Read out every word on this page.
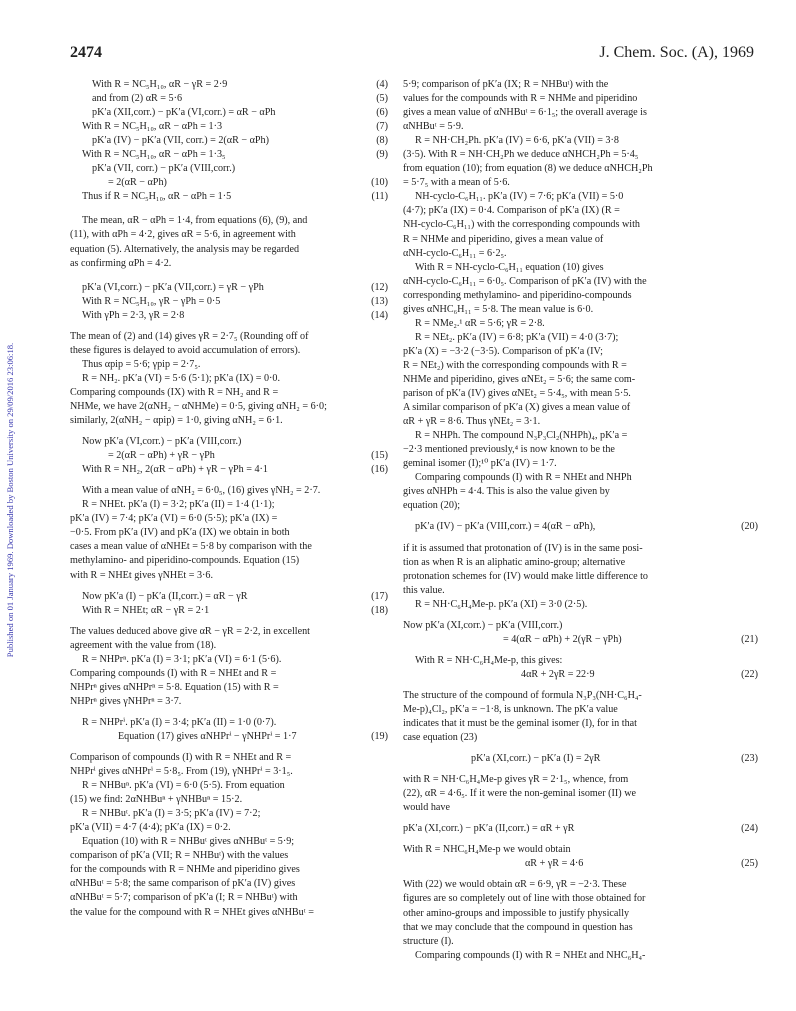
Published on 01 January 1969. Downloaded by Boston University on 29/09/2016 23:06:18.
2474	J. Chem. Soc. (A), 1969
With R = NC₅H₁₀, αR − γR = 2·9	(4)
and from (2) αR = 5·6	(5)
pK′a (XII,corr.) − pK′a (VI,corr.) = αR − αPh	(6)
With R = NC₅H₁₀, αR − αPh = 1·3	(7)
pK′a (IV) − pK′a (VII, corr.) = 2(αR − αPh)	(8)
With R = NC₅H₁₀, αR − αPh = 1·3₅	(9)
pK′a (VII, corr.) − pK′a (VIII,corr.)
= 2(αR − αPh)	(10)
Thus if R = NC₅H₁₀, αR − αPh = 1·5	(11)
The mean, αR − αPh = 1·4, from equations (6), (9), and
(11), with αPh = 4·2, gives αR = 5·6, in agreement with
equation (5). Alternatively, the analysis may be regarded
as confirming αPh = 4·2.
pK′a (VI,corr.) − pK′a (VII,corr.) = γR − γPh	(12)
With R = NC₅H₁₀, γR − γPh = 0·5	(13)
With γPh = 2·3, γR = 2·8	(14)
The mean of (2) and (14) gives γR = 2·7₅ (Rounding off of
these figures is delayed to avoid accumulation of errors).
Thus αpip = 5·6; γpip = 2·7₅.
R = NH₂. pK′a (VI) = 5·6 (5·1); pK′a (IX) = 0·0.
Comparing compounds (IX) with R = NH₂ and R =
NHMe, we have 2(αNH₂ − αNHMe) = 0·5, giving αNH₂ = 6·0;
similarly, 2(αNH₂ − αpip) = 1·0, giving αNH₂ = 6·1.
Now pK′a (VI,corr.) − pK′a (VIII,corr.)
= 2(αR − αPh) + γR − γPh	(15)
With R = NH₂, 2(αR − αPh) + γR − γPh = 4·1	(16)
With a mean value of αNH₂ = 6·0₅, (16) gives γNH₂ = 2·7.
R = NHEt. pK′a (I) = 3·2; pK′a (II) = 1·4 (1·1);
pK′a (IV) = 7·4; pK′a (VI) = 6·0 (5·5); pK′a (IX) =
−0·5. From pK′a (IV) and pK′a (IX) we obtain in both
cases a mean value of αNHEt = 5·8 by comparison with the
methylamino- and piperidino-compounds. Equation (15)
with R = NHEt gives γNHEt = 3·6.
Now pK′a (I) − pK′a (II,corr.) = αR − γR	(17)
With R = NHEt; αR − γR = 2·1	(18)
The values deduced above give αR − γR = 2·2, in excellent
agreement with the value from (18).
R = NHPrⁿ. pK′a (I) = 3·1; pK′a (VI) = 6·1 (5·6).
Comparing compounds (I) with R = NHEt and R =
NHPrⁿ gives αNHPrⁿ = 5·8. Equation (15) with R =
NHPrⁿ gives γNHPrⁿ = 3·7.
R = NHPrⁱ. pK′a (I) = 3·4; pK′a (II) = 1·0 (0·7).
Equation (17) gives αNHPrⁱ − γNHPrⁱ = 1·7	(19)
Comparison of compounds (I) with R = NHEt and R =
NHPrⁱ gives αNHPrⁱ = 5·8₅. From (19), γNHPrⁱ = 3·1₅.
R = NHBuⁿ. pK′a (VI) = 6·0 (5·5). From equation
(15) we find: 2αNHBuⁿ + γNHBuⁿ = 15·2.
R = NHBuᵗ. pK′a (I) = 3·5; pK′a (IV) = 7·2;
pK′a (VII) = 4·7 (4·4); pK′a (IX) = 0·2.
Equation (10) with R = NHBuᵗ gives αNHBuᵗ = 5·9;
comparison of pK′a (VII; R = NHBuᵗ) with the values
for the compounds with R = NHMe and piperidino gives
αNHBuᵗ = 5·8; the same comparison of pK′a (IV) gives
αNHBuᵗ = 5·7; comparison of pK′a (I; R = NHBuᵗ) with
the value for the compound with R = NHEt gives αNHBuᵗ =
5·9; comparison of pK′a (IX; R = NHBuᵗ) with the
values for the compounds with R = NHMe and piperidino
gives a mean value of αNHBuᵗ = 6·1₅; the overall average is
αNHBuᵗ = 5·9.
R = NH·CH₂Ph. pK′a (IV) = 6·6, pK′a (VII) = 3·8
(3·5). With R = NH·CH₂Ph we deduce αNHCH₂Ph = 5·4₅
from equation (10); from equation (8) we deduce αNHCH₂Ph
= 5·7₅ with a mean of 5·6.
NH-cyclo-C₆H₁₁. pK′a (IV) = 7·6; pK′a (VII) = 5·0
(4·7); pK′a (IX) = 0·4. Comparison of pK′a (IX) (R =
NH-cyclo-C₆H₁₁) with the corresponding compounds with
R = NHMe and piperidino, gives a mean value of
αNH-cyclo-C₆H₁₁ = 6·2₅.
With R = NH-cyclo-C₆H₁₁ equation (10) gives
αNH-cyclo-C₆H₁₁ = 6·0₅. Comparison of pK′a (IV) with the
corresponding methylamino- and piperidino-compounds
gives αNHC₆H₁₁ = 5·8. The mean value is 6·0.
R = NMe₂.¹ αR = 5·6; γR = 2·8.
R = NEt₂. pK′a (IV) = 6·8; pK′a (VII) = 4·0 (3·7);
pK′a (X) = −3·2 (−3·5). Comparison of pK′a (IV;
R = NEt₂) with the corresponding compounds with R =
NHMe and piperidino, gives αNEt₂ = 5·6; the same com-
parison of pK′a (IV) gives αNEt₂ = 5·4₅, with mean 5·5.
A similar comparison of pK′a (X) gives a mean value of
αR + γR = 8·6. Thus γNEt₂ = 3·1.
R = NHPh. The compound N₃P₃Cl₂(NHPh)₄, pK′a =
−2·3 mentioned previously,⁴ is now known to be the
geminal isomer (I);¹⁰ pK′a (IV) = 1·7.
Comparing compounds (I) with R = NHEt and NHPh
gives αNHPh = 4·4. This is also the value given by
equation (20);
pK′a (IV) − pK′a (VIII,corr.) = 4(αR − αPh),	(20)
if it is assumed that protonation of (IV) is in the same posi-
tion as when R is an aliphatic amino-group; alternative
protonation schemes for (IV) would make little difference to
this value.
R = NH·C₆H₄Me-p. pK′a (XI) = 3·0 (2·5).
Now pK′a (XI,corr.) − pK′a (VIII,corr.)
= 4(αR − αPh) + 2(γR − γPh)	(21)
With R = NH·C₆H₄Me-p, this gives:
4αR + 2γR = 22·9	(22)
The structure of the compound of formula N₃P₃(NH·C₆H₄-
Me-p)₄Cl₂, pK′a = −1·8, is unknown. The pK′a value
indicates that it must be the geminal isomer (I), for in that
case equation (23)
pK′a (XI,corr.) − pK′a (I) = 2γR	(23)
with R = NH·C₆H₄Me-p gives γR = 2·1₅, whence, from
(22), αR = 4·6₅. If it were the non-geminal isomer (II) we
would have
pK′a (XI,corr.) − pK′a (II,corr.) = αR + γR	(24)
With R = NHC₆H₄Me-p we would obtain
αR + γR = 4·6	(25)
With (22) we would obtain αR = 6·9, γR = −2·3. These
figures are so completely out of line with those obtained for
other amino-groups and impossible to justify physically
that we may conclude that the compound in question has
structure (I).
Comparing compounds (I) with R = NHEt and NHC₆H₄-
